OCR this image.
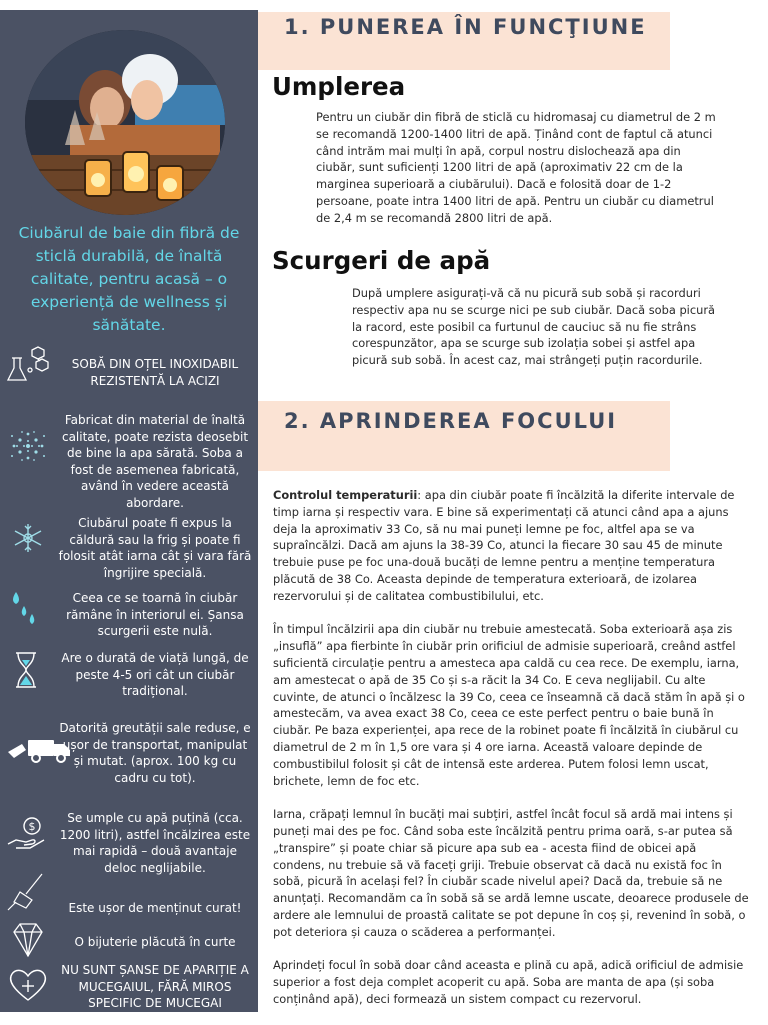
Ciubărul de baie din fibră de sticlă durabilă, de înaltă calitate, pentru acasă – o experiență de wellness și sănătate.
SOBĂ DIN OȚEL INOXIDABIL REZISTENTĂ LA ACIZI
Fabricat din material de înaltă calitate, poate rezista deosebit de bine la apa sărată. Soba a fost de asemenea fabricată, având în vedere această abordare.
Ciubărul poate fi expus la căldură sau la frig și poate fi folosit atât iarna cât și vara fără îngrijire specială.
Ceea ce se toarnă în ciubăr rămâne în interiorul ei. Șansa scurgerii este nulă.
Are o durată de viață lungă, de peste 4-5 ori cât un ciubăr tradițional.
Datorită greutății sale reduse, e ușor de transportat, manipulat și mutat. (aprox. 100 kg cu cadru cu tot).
$
Se umple cu apă puțină (cca. 1200 litri), astfel încălzirea este mai rapidă – două avantaje deloc neglijabile.
Este ușor de menținut curat!
O bijuterie plăcută în curte
NU SUNT ȘANSE DE APARIȚIE A MUCEGAIUL, FĂRĂ MIROS SPECIFIC DE MUCEGAI
1. PUNEREA ÎN FUNCŢIUNE
Umplerea
Pentru un ciubăr din fibră de sticlă cu hidromasaj cu diametrul de 2 m se recomandă 1200-1400 litri de apă. Ținând cont de faptul că atunci când intrăm mai mulți în apă, corpul nostru dislochează apa din ciubăr, sunt suficienți 1200 litri de apă (aproximativ 22 cm de la marginea superioară a ciubărului). Dacă e folosită doar de 1-2 persoane, poate intra 1400 litri de apă. Pentru un ciubăr cu diametrul de 2,4 m se recomandă 2800 litri de apă.
Scurgeri de apă
După umplere asigurați-vă că nu picură sub sobă și racorduri respectiv apa nu se scurge nici pe sub ciubăr. Dacă soba picură la racord, este posibil ca furtunul de cauciuc să nu fie strâns corespunzător, apa se scurge sub izolația sobei și astfel apa picură sub sobă. În acest caz, mai strângeți puțin racordurile.
2. APRINDEREA FOCULUI

Controlul temperaturii: apa din ciubăr poate fi încălzită la diferite intervale de timp iarna și respectiv vara. E bine să experimentați că atunci când apa a ajuns deja la aproximativ 33 Co, să nu mai puneți lemne pe foc, altfel apa se va supraîncălzi. Dacă am ajuns la 38-39 Co, atunci la fiecare 30 sau 45 de minute trebuie puse pe foc una-două bucăți de lemne pentru a menține temperatura plăcută de 38 Co. Aceasta depinde de temperatura exterioară, de izolarea rezervorului și de calitatea combustibilului, etc.

În timpul încălzirii apa din ciubăr nu trebuie amestecată. Soba exterioară așa zis „insuflă” apa fierbinte în ciubăr prin orificiul de admisie superioară, creând astfel suficientă circulație pentru a amesteca apa caldă cu cea rece. De exemplu, iarna, am amestecat o apă de 35 Co și s-a răcit la 34 Co. E ceva neglijabil. Cu alte cuvinte, de atunci o încălzesc la 39 Co, ceea ce înseamnă că dacă stăm în apă și o amestecăm, va avea exact 38 Co, ceea ce este perfect pentru o baie bună în ciubăr. Pe baza experienței, apa rece de la robinet poate fi încălzită în ciubărul cu diametrul de 2 m în 1,5 ore vara și 4 ore iarna. Această valoare depinde de combustibilul folosit și cât de intensă este arderea. Putem folosi lemn uscat, brichete, lemn de foc etc.

Iarna, crăpați lemnul în bucăți mai subțiri, astfel încât focul să ardă mai intens și puneți mai des pe foc. Când soba este încălzită pentru prima oară, s-ar putea să „transpire” și poate chiar să picure apa sub ea - acesta fiind de obicei apă condens, nu trebuie să vă faceți griji. Trebuie observat că dacă nu există foc în sobă, picură în același fel? În ciubăr scade nivelul apei? Dacă da, trebuie să ne anunțați. Recomandăm ca în sobă să se ardă lemne uscate, deoarece produsele de ardere ale lemnului de proastă calitate se pot depune în coș și, revenind în sobă, o pot deteriora și cauza o scăderea a performanței.

Aprindeți focul în sobă doar când aceasta e plină cu apă, adică orificiul de admisie superior a fost deja complet acoperit cu apă. Soba are manta de apa (și soba conținând apă), deci formează un sistem compact cu rezervorul.
